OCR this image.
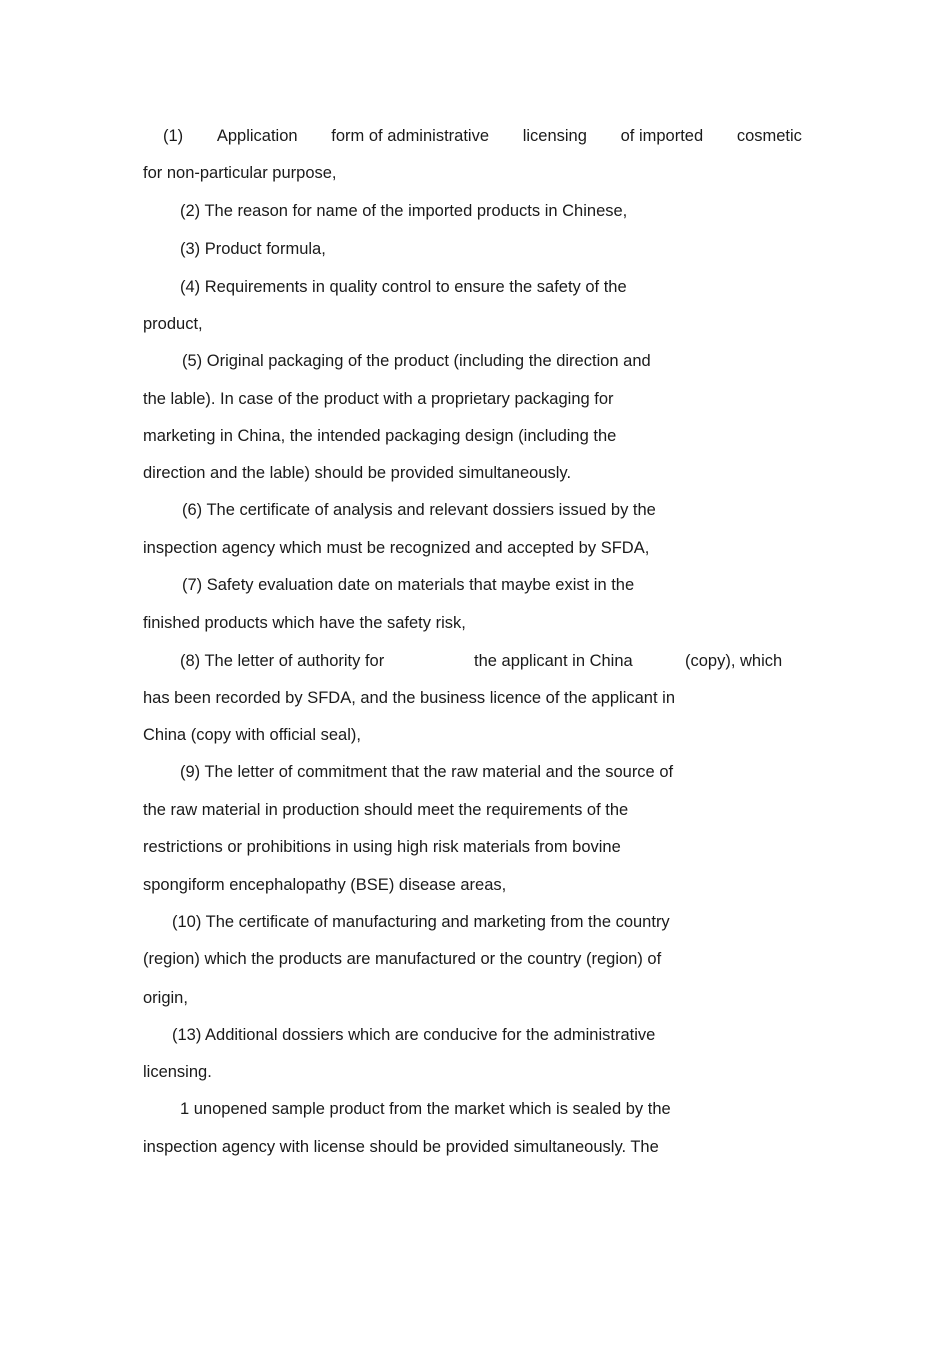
(1) Application form of administrative licensing of imported cosmetic

for non-particular purpose,

(2) The reason for name of the imported products in Chinese,

(3) Product formula,

(4) Requirements in quality control to ensure the safety of the

product,

(5) Original packaging of the product (including the direction and

the lable). In case of the product with a proprietary packaging for

marketing in China, the intended packaging design (including the

direction and the lable) should be provided simultaneously.

(6) The certificate of analysis and relevant dossiers issued by the

inspection agency which must be recognized and accepted by SFDA,

(7) Safety evaluation date on materials that maybe exist in the

finished products which have the safety risk,

(8) The letter of authority for	the applicant in China	(copy), which

has been recorded by SFDA, and the business licence of the applicant in

China (copy with official seal),

(9) The letter of commitment that the raw material and the source of

the raw material in production should meet the requirements of the

restrictions or prohibitions in using high risk materials from bovine

spongiform encephalopathy (BSE) disease areas,

(10) The certificate of manufacturing and marketing from the country

(region) which the products are manufactured or the country (region) of

origin,

(13) Additional dossiers which are conducive for the administrative

licensing.

1 unopened sample product from the market which is sealed by the

inspection agency with license should be provided simultaneously. The
